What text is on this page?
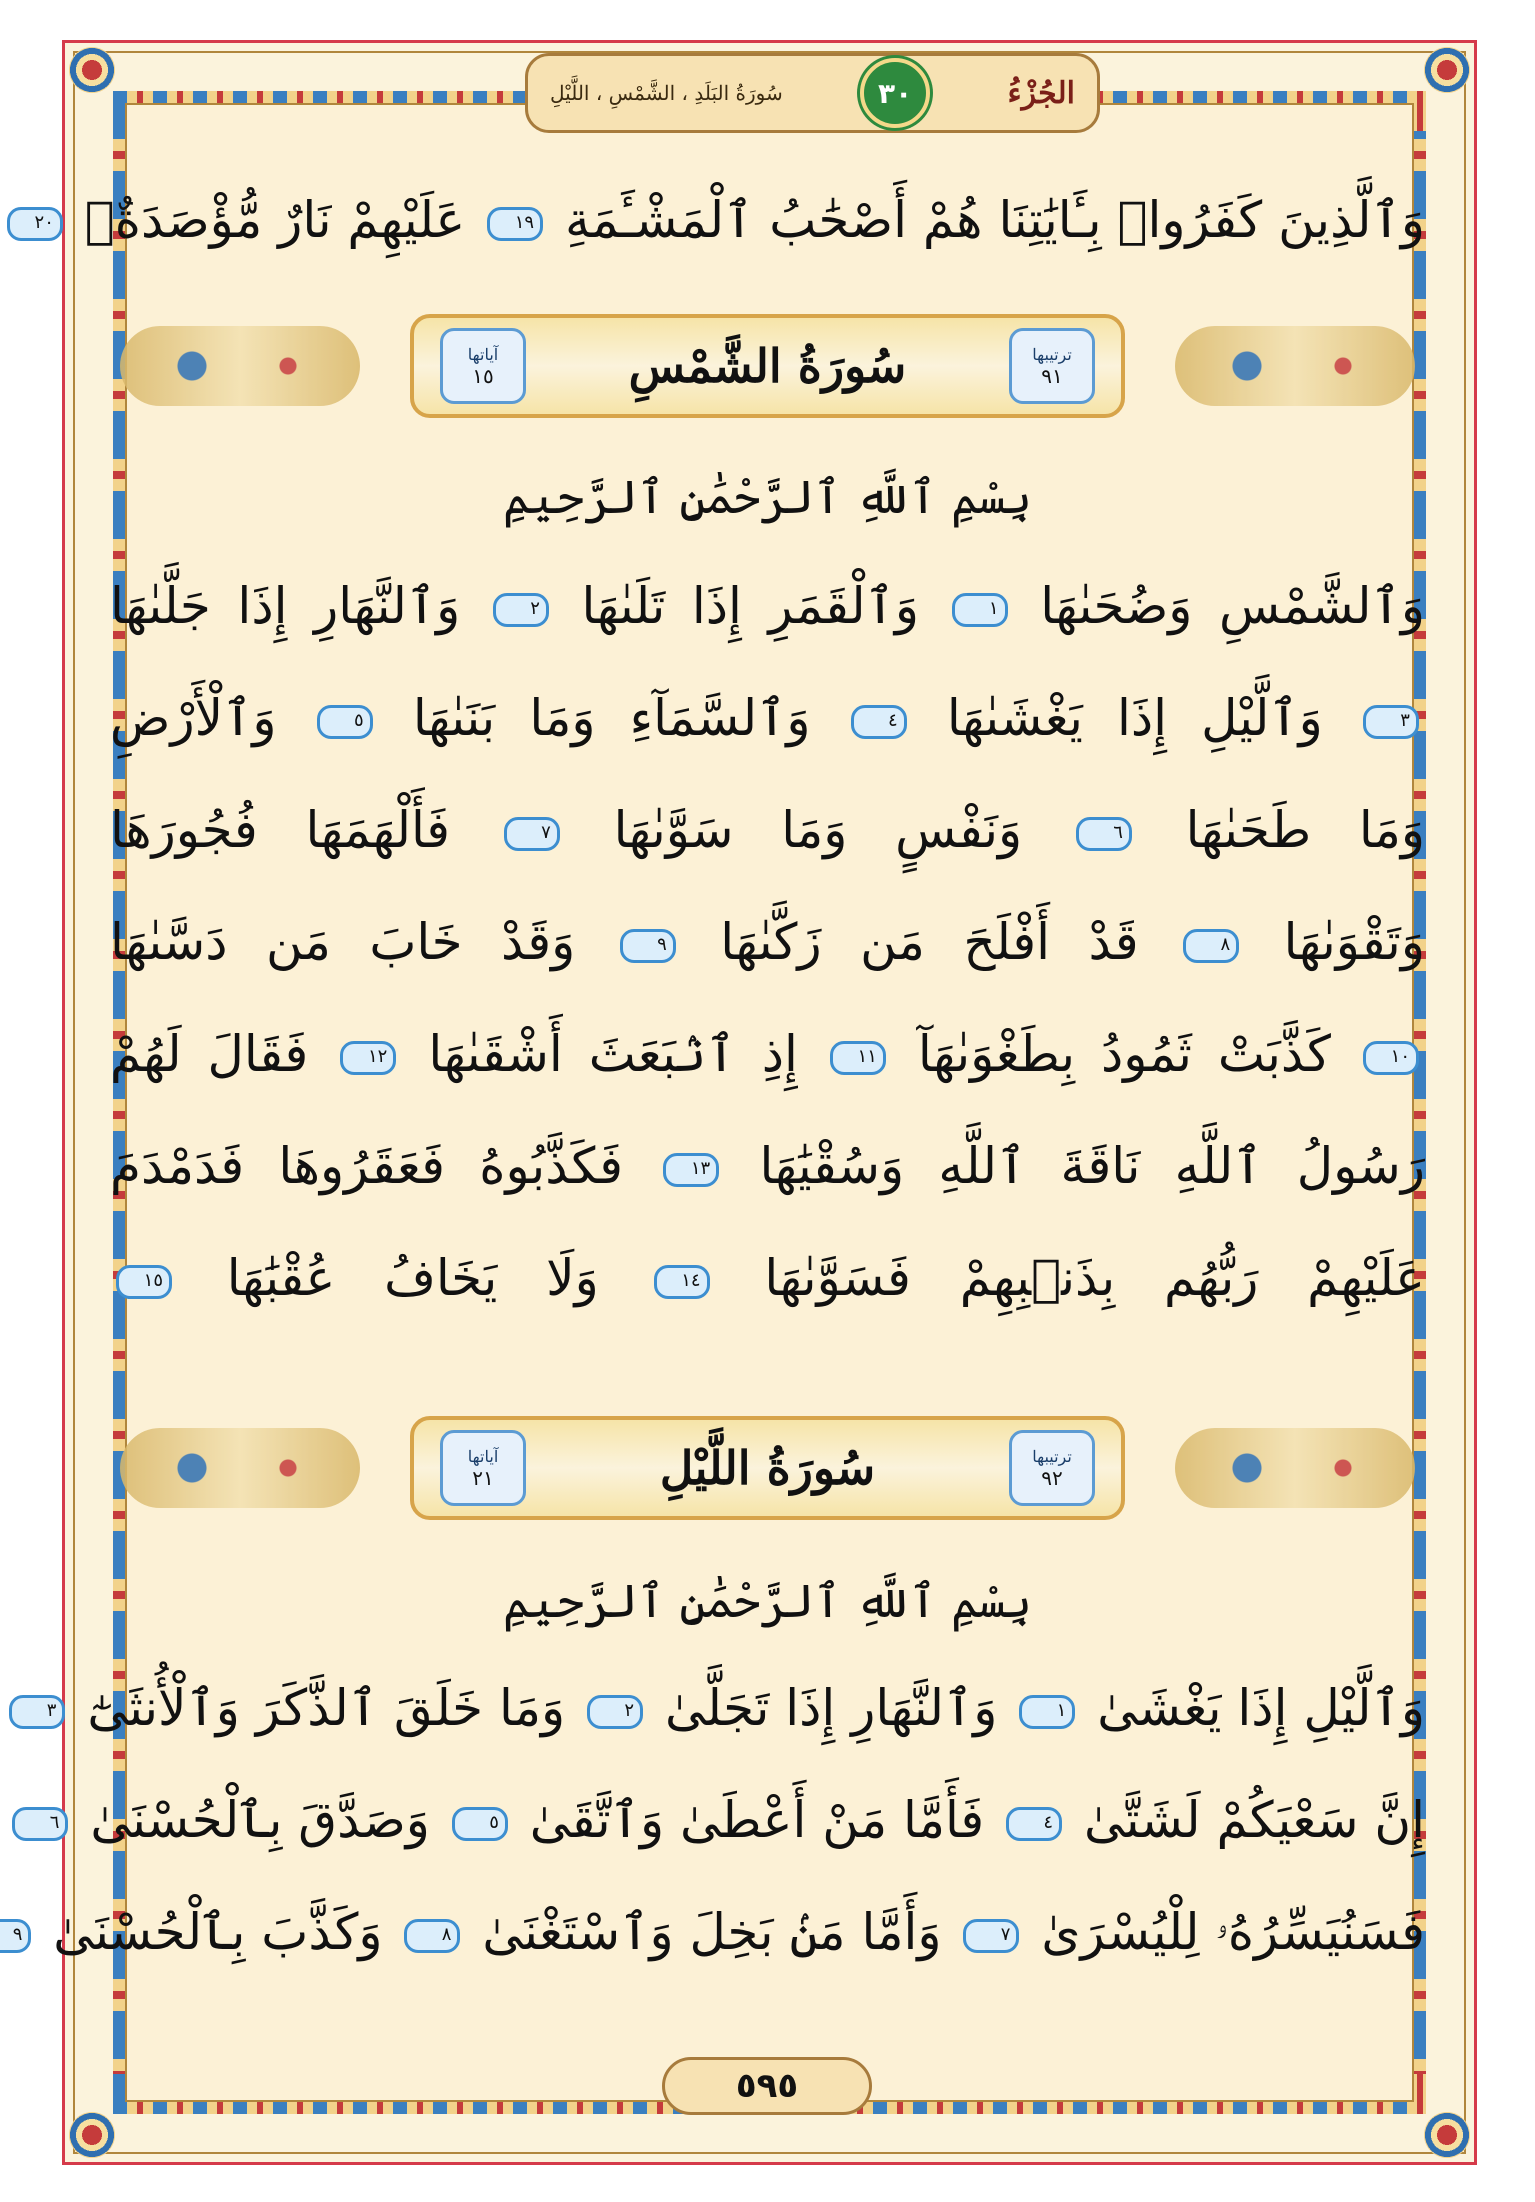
الجُزْءُ
٣٠
سُورَةُ البَلَدِ ، الشَّمْسِ ، اللَّيْلِ
وَٱلَّذِينَ كَفَرُوا۟ بِـَٔايَٰتِنَا هُمْ أَصْحَٰبُ ٱلْمَشْـَٔمَةِ ١٩ عَلَيْهِمْ نَارٌ مُّؤْصَدَةٌۢ ٢٠
ترتيبها
٩١
سُورَةُ الشَّمْسِ
آياتها
١٥
بِسْمِ ٱللَّهِ ٱلرَّحْمَٰنِ ٱلرَّحِيمِ
وَٱلشَّمْسِ وَضُحَىٰهَا ١ وَٱلْقَمَرِ إِذَا تَلَىٰهَا ٢ وَٱلنَّهَارِ إِذَا جَلَّىٰهَا
٣ وَٱلَّيْلِ إِذَا يَغْشَىٰهَا ٤ وَٱلسَّمَآءِ وَمَا بَنَىٰهَا ٥ وَٱلْأَرْضِ
وَمَا طَحَىٰهَا ٦ وَنَفْسٍ وَمَا سَوَّىٰهَا ٧ فَأَلْهَمَهَا فُجُورَهَا
وَتَقْوَىٰهَا ٨ قَدْ أَفْلَحَ مَن زَكَّىٰهَا ٩ وَقَدْ خَابَ مَن دَسَّىٰهَا
١٠ كَذَّبَتْ ثَمُودُ بِطَغْوَىٰهَآ ١١ إِذِ ٱنۢبَعَثَ أَشْقَىٰهَا ١٢ فَقَالَ لَهُمْ
رَسُولُ ٱللَّهِ نَاقَةَ ٱللَّهِ وَسُقْيَٰهَا ١٣ فَكَذَّبُوهُ فَعَقَرُوهَا فَدَمْدَمَ
عَلَيْهِمْ رَبُّهُم بِذَنۢبِهِمْ فَسَوَّىٰهَا ١٤ وَلَا يَخَافُ عُقْبَٰهَا ١٥
ترتيبها
٩٢
سُورَةُ اللَّيْلِ
آياتها
٢١
بِسْمِ ٱللَّهِ ٱلرَّحْمَٰنِ ٱلرَّحِيمِ
وَٱلَّيْلِ إِذَا يَغْشَىٰ ١ وَٱلنَّهَارِ إِذَا تَجَلَّىٰ ٢ وَمَا خَلَقَ ٱلذَّكَرَ وَٱلْأُنثَىٰٓ ٣
إِنَّ سَعْيَكُمْ لَشَتَّىٰ ٤ فَأَمَّا مَنْ أَعْطَىٰ وَٱتَّقَىٰ ٥ وَصَدَّقَ بِٱلْحُسْنَىٰ ٦
فَسَنُيَسِّرُهُۥ لِلْيُسْرَىٰ ٧ وَأَمَّا مَنۢ بَخِلَ وَٱسْتَغْنَىٰ ٨ وَكَذَّبَ بِٱلْحُسْنَىٰ ٩
٥٩٥
